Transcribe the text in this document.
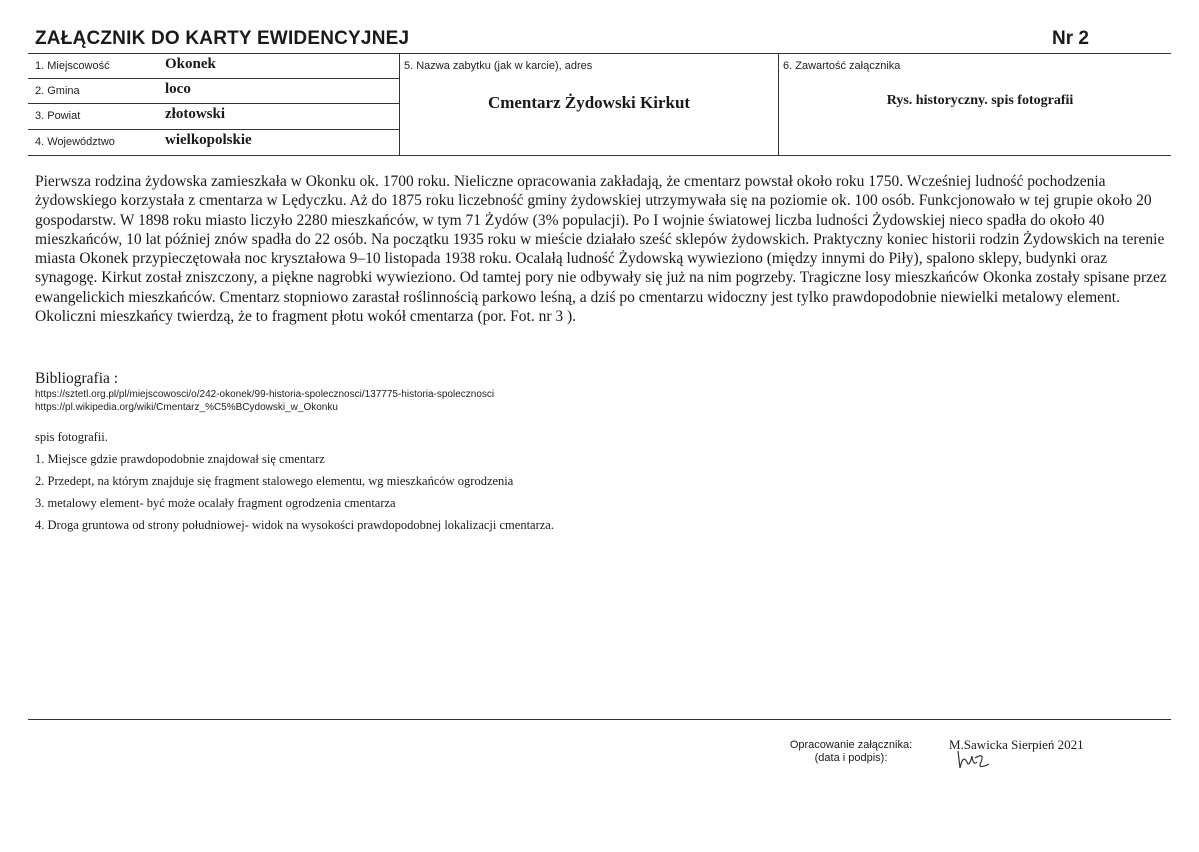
ZAŁĄCZNIK DO KARTY EWIDENCYJNEJ	Nr 2
1. Miejscowość	Okonek
2. Gmina	loco
3. Powiat	złotowski
4. Województwo	wielkopolskie
5. Nazwa zabytku (jak w karcie), adres
Cmentarz Żydowski Kirkut
6. Zawartość załącznika
Rys. historyczny. spis fotografii

Pierwsza rodzina żydowska zamieszkała w Okonku ok. 1700 roku. Nieliczne opracowania zakładają, że cmentarz powstał około roku 1750. Wcześniej ludność pochodzenia żydowskiego korzystała z cmentarza w Lędyczku. Aż do 1875 roku liczebność gminy żydowskiej utrzymywała się na poziomie ok. 100 osób. Funkcjonowało w tej grupie około 20 gospodarstw. W 1898 roku miasto liczyło 2280 mieszkańców, w tym 71 Żydów (3% populacji). Po I wojnie światowej liczba ludności Żydowskiej nieco spadła do około 40 mieszkańców, 10 lat później znów spadła do 22 osób. Na początku 1935 roku w mieście działało sześć sklepów żydowskich. Praktyczny koniec historii rodzin Żydowskich na terenie miasta Okonek przypieczętowała noc kryształowa 9–10 listopada 1938 roku. Ocalałą ludność Żydowską wywieziono (między innymi do Piły), spalono sklepy, budynki oraz synagogę. Kirkut został zniszczony, a piękne nagrobki wywieziono. Od tamtej pory nie odbywały się już na nim pogrzeby. Tragiczne losy mieszkańców Okonka zostały spisane przez ewangelickich mieszkańców. Cmentarz stopniowo zarastał roślinnością parkowo leśną, a dziś po cmentarzu widoczny jest tylko prawdopodobnie niewielki metalowy element. Okoliczni mieszkańcy twierdzą, że to fragment płotu wokół cmentarza (por. Fot. nr 3 ).

Bibliografia :
https://sztetl.org.pl/pl/miejscowosci/o/242-okonek/99-historia-spolecznosci/137775-historia-spolecznosci
https://pl.wikipedia.org/wiki/Cmentarz_%C5%BCydowski_w_Okonku
spis fotografii.
1. Miejsce gdzie prawdopodobnie znajdował się cmentarz
2. Przedept, na którym znajduje się fragment stalowego elementu, wg mieszkańców ogrodzenia
3. metalowy element- być może ocalały fragment ogrodzenia cmentarza
4. Droga gruntowa od strony południowej- widok na wysokości prawdopodobnej lokalizacji cmentarza.
Opracowanie załącznika:
(data i podpis):
M.Sawicka Sierpień 2021
